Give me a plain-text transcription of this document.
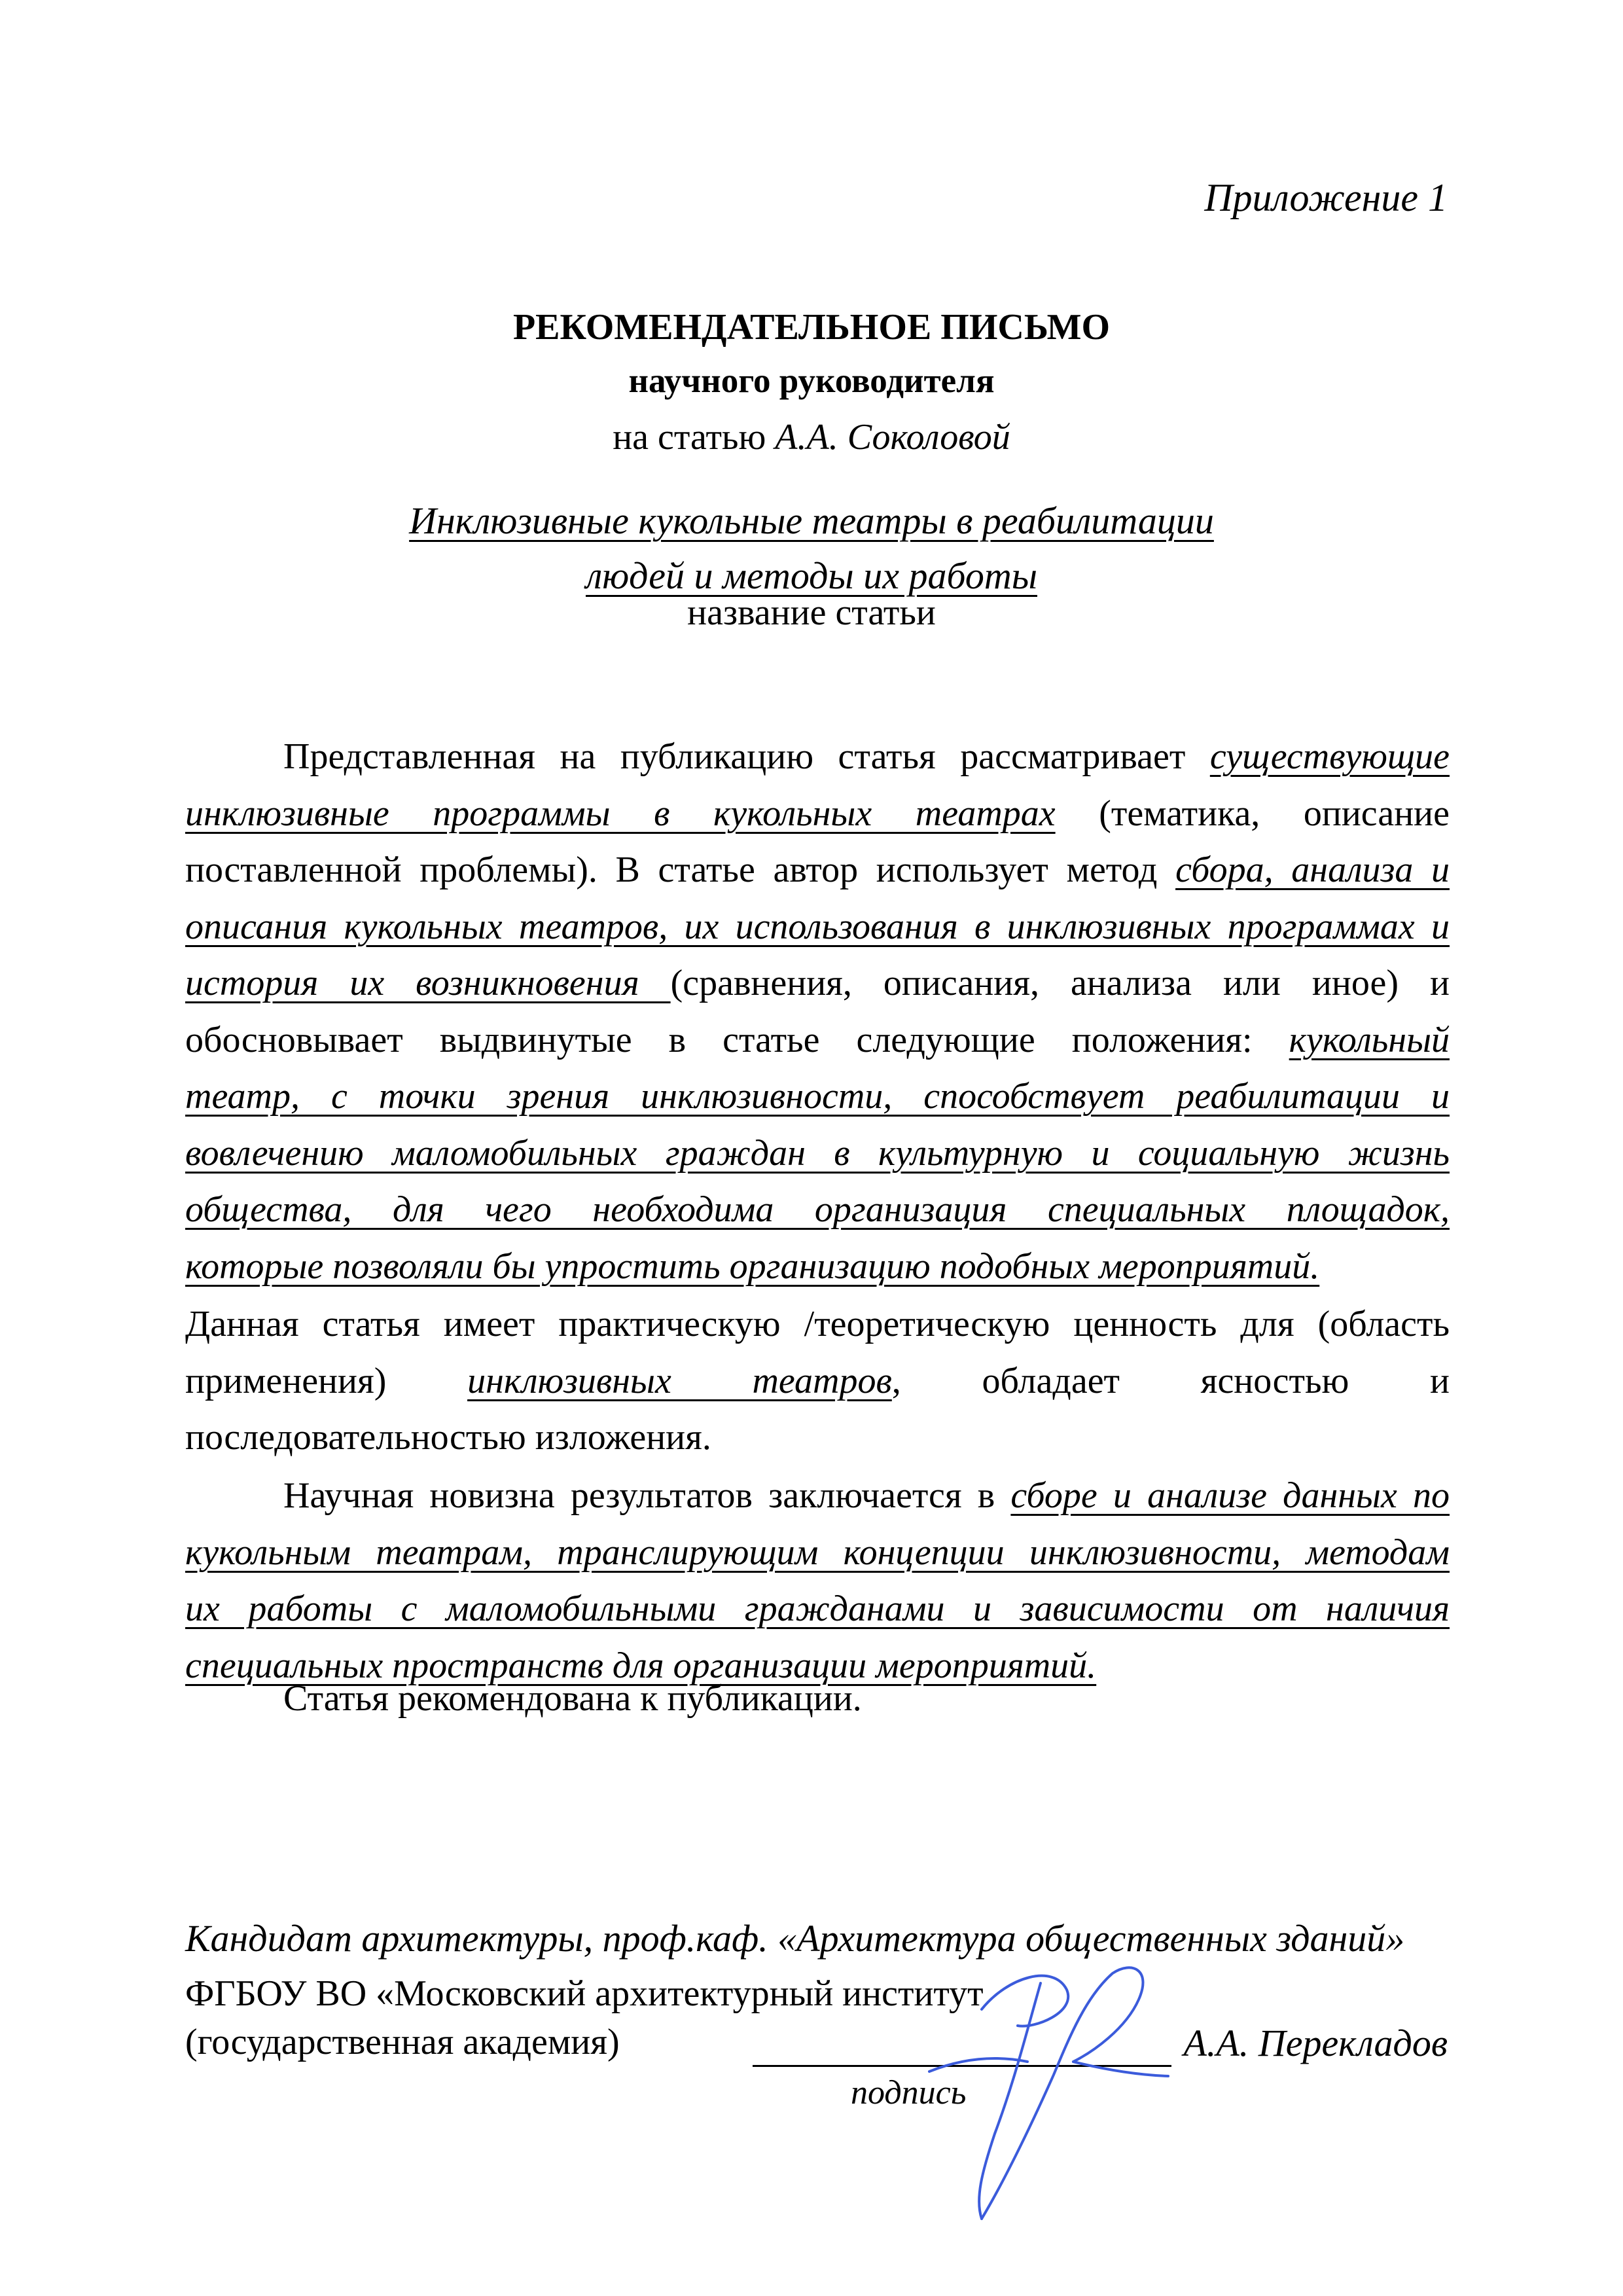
Приложение 1
РЕКОМЕНДАТЕЛЬНОЕ ПИСЬМО
научного руководителя
на статью А.А. Соколовой
Инклюзивные кукольные театры в реабилитации
людей и методы их работы
название статьи
Представленная на публикацию статья рассматривает существующие
инклюзивные программы в кукольных театрах (тематика, описание
поставленной проблемы). В статье автор использует метод сбора, анализа и
описания кукольных театров, их использования в инклюзивных программах и
история их возникновения (сравнения, описания, анализа или иное) и
обосновывает выдвинутые в статье следующие положения: кукольный
театр, с точки зрения инклюзивности, способствует реабилитации и
вовлечению маломобильных граждан в культурную и социальную жизнь
общества, для чего необходима организация специальных площадок,
которые позволяли бы упростить организацию подобных мероприятий.
Данная статья имеет практическую /теоретическую ценность для (область
применения) инклюзивных театров, обладает ясностью и
последовательностью изложения.
Научная новизна результатов заключается в сборе и анализе данных по
кукольным театрам, транслирующим концепции инклюзивности, методам
их работы с маломобильными гражданами и зависимости от наличия
специальных пространств для организации мероприятий.
Статья рекомендована к публикации.
Кандидат архитектуры, проф.каф. «Архитектура общественных зданий»
ФГБОУ ВО «Московский архитектурный институт
(государственная академия)
подпись
А.А. Перекладов
